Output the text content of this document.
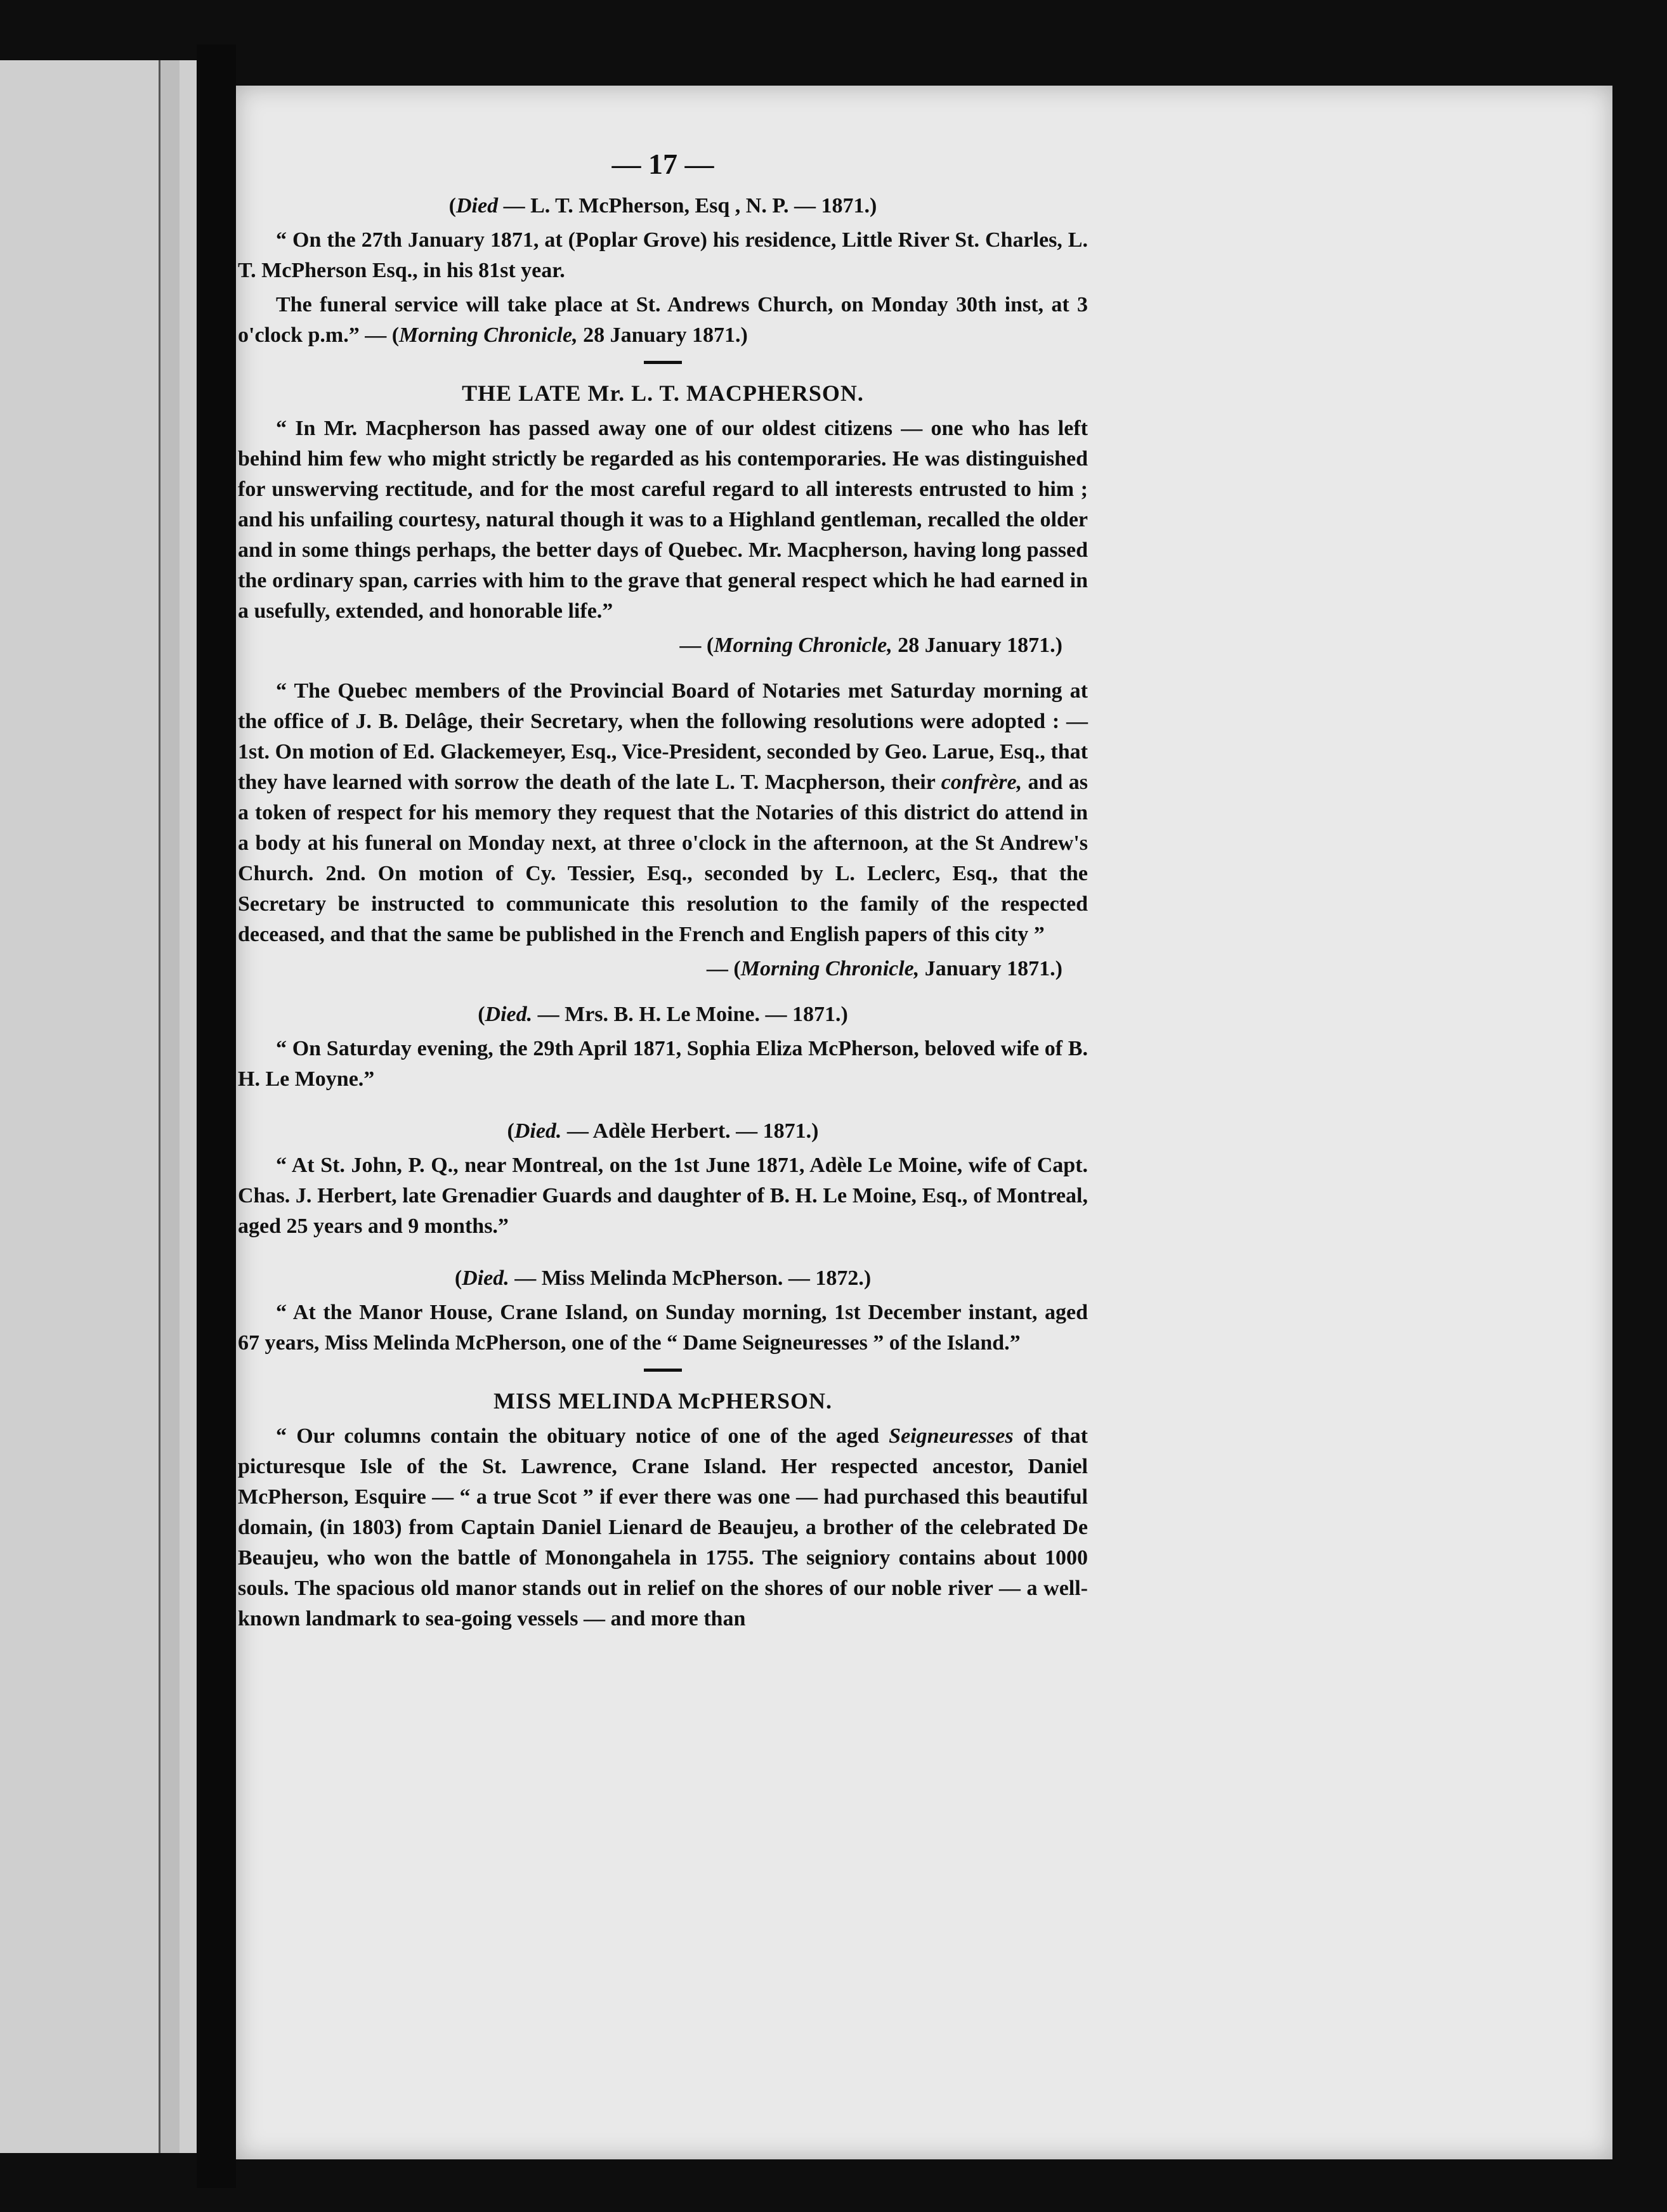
— 17 —
(Died — L. T. McPherson, Esq , N. P. — 1871.)

“ On the 27th January 1871, at (Poplar Grove) his residence, Little River St. Charles, L. T. McPherson Esq., in his 81st year.

The funeral service will take place at St. Andrews Church, on Monday 30th inst, at 3 o'clock p.m.” — (Morning Chronicle, 28 January 1871.)

THE LATE Mr. L. T. MACPHERSON.

“ In Mr. Macpherson has passed away one of our oldest citizens — one who has left behind him few who might strictly be regarded as his contemporaries. He was distinguished for unswerving rectitude, and for the most careful regard to all interests entrusted to him ; and his unfailing courtesy, natural though it was to a Highland gentleman, recalled the older and in some things perhaps, the better days of Quebec. Mr. Macpherson, having long passed the ordinary span, carries with him to the grave that general respect which he had earned in a usefully, extended, and honorable life.”

— (Morning Chronicle, 28 January 1871.)

“ The Quebec members of the Provincial Board of Notaries met Saturday morning at the office of J. B. Delâge, their Secretary, when the following resolutions were adopted : — 1st. On motion of Ed. Glackemeyer, Esq., Vice-President, seconded by Geo. Larue, Esq., that they have learned with sorrow the death of the late L. T. Macpherson, their confrère, and as a token of respect for his memory they request that the Notaries of this district do attend in a body at his funeral on Monday next, at three o'clock in the afternoon, at the St Andrew's Church. 2nd. On motion of Cy. Tessier, Esq., seconded by L. Leclerc, Esq., that the Secretary be instructed to communicate this resolution to the family of the respected deceased, and that the same be published in the French and English papers of this city ”

— (Morning Chronicle, January 1871.)
(Died. — Mrs. B. H. Le Moine. — 1871.)

“ On Saturday evening, the 29th April 1871, Sophia Eliza McPherson, beloved wife of B. H. Le Moyne.”

(Died. — Adèle Herbert. — 1871.)

“ At St. John, P. Q., near Montreal, on the 1st June 1871, Adèle Le Moine, wife of Capt. Chas. J. Herbert, late Grenadier Guards and daughter of B. H. Le Moine, Esq., of Montreal, aged 25 years and 9 months.”

(Died. — Miss Melinda McPherson. — 1872.)

“ At the Manor House, Crane Island, on Sunday morning, 1st December instant, aged 67 years, Miss Melinda McPherson, one of the “ Dame Seigneuresses ” of the Island.”

MISS MELINDA McPHERSON.

“ Our columns contain the obituary notice of one of the aged Seigneuresses of that picturesque Isle of the St. Lawrence, Crane Island. Her respected ancestor, Daniel McPherson, Esquire — “ a true Scot ” if ever there was one — had purchased this beautiful domain, (in 1803) from Captain Daniel Lienard de Beaujeu, a brother of the celebrated De Beaujeu, who won the battle of Monongahela in 1755. The seigniory contains about 1000 souls. The spacious old manor stands out in relief on the shores of our noble river — a well-known landmark to sea-going vessels — and more than
